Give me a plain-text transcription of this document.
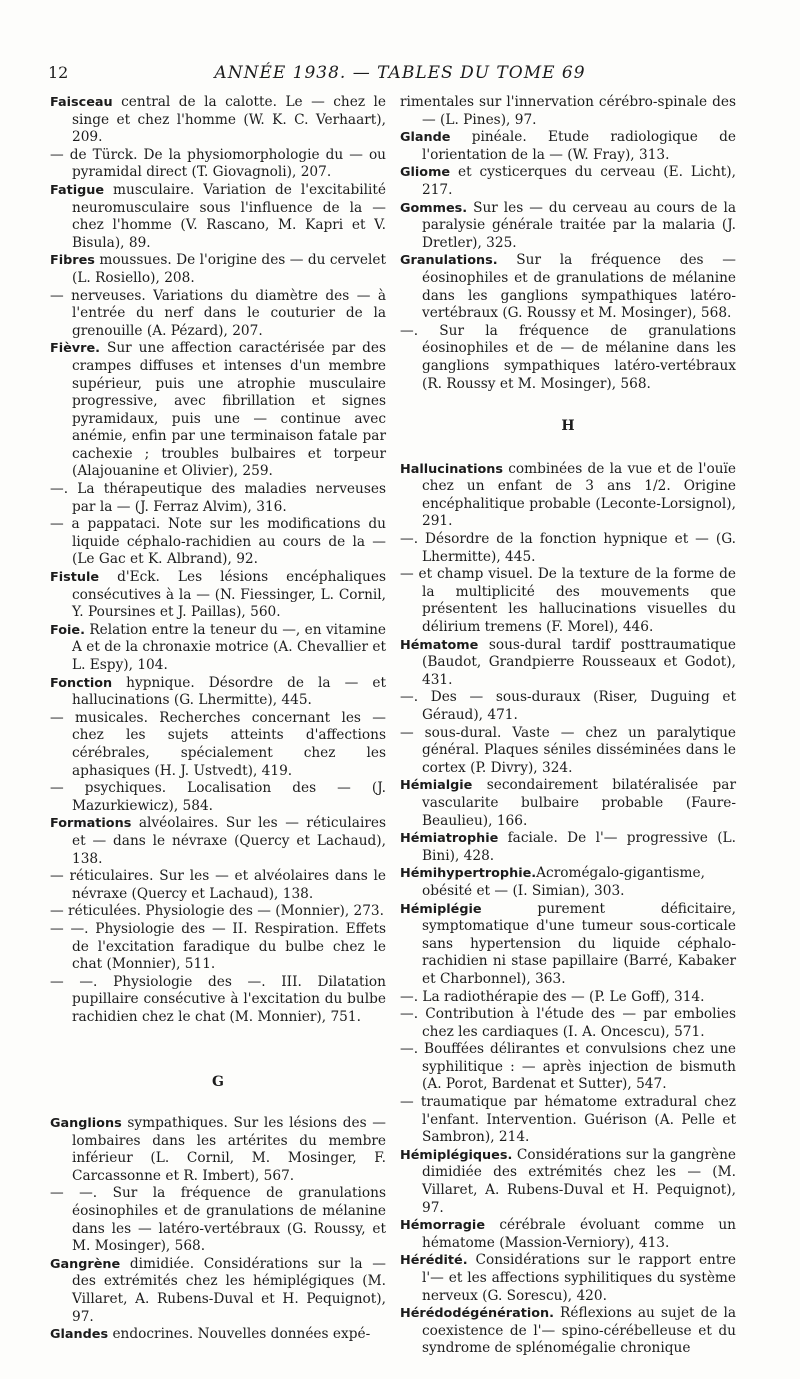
12	ANNÉE 1938. — TABLES DU TOME 69

Faisceau central de la calotte. Le — chez le singe et chez l'homme (W. K. C. Verhaart), 209.

— de Türck. De la physiomorphologie du — ou pyramidal direct (T. Giovagnoli), 207.

Fatigue musculaire. Variation de l'excitabilité neuromusculaire sous l'influence de la — chez l'homme (V. Rascano, M. Kapri et V. Bisula), 89.

Fibres moussues. De l'origine des — du cervelet (L. Rosiello), 208.

— nerveuses. Variations du diamètre des — à l'entrée du nerf dans le couturier de la grenouille (A. Pézard), 207.

Fièvre. Sur une affection caractérisée par des crampes diffuses et intenses d'un membre supérieur, puis une atrophie musculaire progressive, avec fibrillation et signes pyramidaux, puis une — continue avec anémie, enfin par une terminaison fatale par cachexie ; troubles bulbaires et torpeur (Alajouanine et Olivier), 259.

—. La thérapeutique des maladies nerveuses par la — (J. Ferraz Alvim), 316.

— a pappataci. Note sur les modifications du liquide céphalo-rachidien au cours de la — (Le Gac et K. Albrand), 92.

Fistule d'Eck. Les lésions encéphaliques consécutives à la — (N. Fiessinger, L. Cornil, Y. Poursines et J. Paillas), 560.

Foie. Relation entre la teneur du —, en vitamine A et de la chronaxie motrice (A. Chevallier et L. Espy), 104.

Fonction hypnique. Désordre de la — et hallucinations (G. Lhermitte), 445.

— musicales. Recherches concernant les — chez les sujets atteints d'affections cérébrales, spécialement chez les aphasiques (H. J. Ustvedt), 419.

— psychiques. Localisation des — (J. Mazurkiewicz), 584.

Formations alvéolaires. Sur les — réticulaires et — dans le névraxe (Quercy et Lachaud), 138.

— réticulaires. Sur les — et alvéolaires dans le névraxe (Quercy et Lachaud), 138.

— réticulées. Physiologie des — (Monnier), 273.

— —. Physiologie des — II. Respiration. Effets de l'excitation faradique du bulbe chez le chat (Monnier), 511.

— —. Physiologie des —. III. Dilatation pupillaire consécutive à l'excitation du bulbe rachidien chez le chat (M. Monnier), 751.

G

Ganglions sympathiques. Sur les lésions des — lombaires dans les artérites du membre inférieur (L. Cornil, M. Mosinger, F. Carcassonne et R. Imbert), 567.

— —. Sur la fréquence de granulations éosinophiles et de granulations de mélanine dans les — latéro-vertébraux (G. Roussy, et M. Mosinger), 568.

Gangrène dimidiée. Considérations sur la — des extrémités chez les hémiplégiques (M. Villaret, A. Rubens-Duval et H. Pequignot), 97.

Glandes endocrines. Nouvelles données expé-

rimentales sur l'innervation cérébro-spinale des — (L. Pines), 97.

Glande pinéale. Etude radiologique de l'orientation de la — (W. Fray), 313.

Gliome et cysticerques du cerveau (E. Licht), 217.

Gommes. Sur les — du cerveau au cours de la paralysie générale traitée par la malaria (J. Dretler), 325.

Granulations. Sur la fréquence des — éosinophiles et de granulations de mélanine dans les ganglions sympathiques latéro-vertébraux (G. Roussy et M. Mosinger), 568.

—. Sur la fréquence de granulations éosinophiles et de — de mélanine dans les ganglions sympathiques latéro-vertébraux (R. Roussy et M. Mosinger), 568.

H

Hallucinations combinées de la vue et de l'ouïe chez un enfant de 3 ans 1/2. Origine encéphalitique probable (Leconte-Lorsignol), 291.

—. Désordre de la fonction hypnique et — (G. Lhermitte), 445.

— et champ visuel. De la texture de la forme de la multiplicité des mouvements que présentent les hallucinations visuelles du délirium tremens (F. Morel), 446.

Hématome sous-dural tardif posttraumatique (Baudot, Grandpierre Rousseaux et Godot), 431.

—. Des — sous-duraux (Riser, Duguing et Géraud), 471.

— sous-dural. Vaste — chez un paralytique général. Plaques séniles disséminées dans le cortex (P. Divry), 324.

Hémialgie secondairement bilatéralisée par vascularite bulbaire probable (Faure-Beaulieu), 166.

Hémiatrophie faciale. De l'— progressive (L. Bini), 428.

Hémihypertrophie.Acromégalo-gigantisme, obésité et — (I. Simian), 303.

Hémiplégie purement déficitaire, symptomatique d'une tumeur sous-corticale sans hypertension du liquide céphalo-rachidien ni stase papillaire (Barré, Kabaker et Charbonnel), 363.

—. La radiothérapie des — (P. Le Goff), 314.

—. Contribution à l'étude des — par embolies chez les cardiaques (I. A. Oncescu), 571.

—. Bouffées délirantes et convulsions chez une syphilitique : — après injection de bismuth (A. Porot, Bardenat et Sutter), 547.

— traumatique par hématome extradural chez l'enfant. Intervention. Guérison (A. Pelle et Sambron), 214.

Hémiplégiques. Considérations sur la gangrène dimidiée des extrémités chez les — (M. Villaret, A. Rubens-Duval et H. Pequignot), 97.

Hémorragie cérébrale évoluant comme un hématome (Massion-Verniory), 413.

Hérédité. Considérations sur le rapport entre l'— et les affections syphilitiques du système nerveux (G. Sorescu), 420.

Hérédodégénération. Réflexions au sujet de la coexistence de l'— spino-cérébelleuse et du syndrome de splénomégalie chronique
